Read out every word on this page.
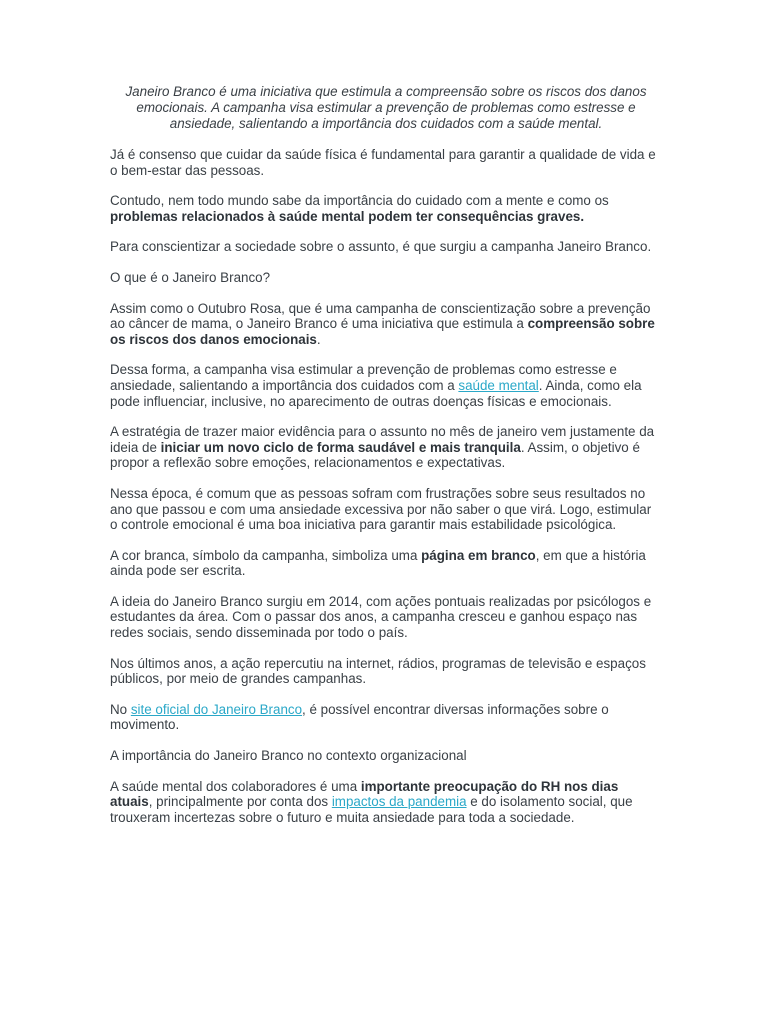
Janeiro Branco é uma iniciativa que estimula a compreensão sobre os riscos dos danos emocionais. A campanha visa estimular a prevenção de problemas como estresse e ansiedade, salientando a importância dos cuidados com a saúde mental.

Já é consenso que cuidar da saúde física é fundamental para garantir a qualidade de vida e o bem-estar das pessoas.

Contudo, nem todo mundo sabe da importância do cuidado com a mente e como os problemas relacionados à saúde mental podem ter consequências graves.

Para conscientizar a sociedade sobre o assunto, é que surgiu a campanha Janeiro Branco.

O que é o Janeiro Branco?

Assim como o Outubro Rosa, que é uma campanha de conscientização sobre a prevenção ao câncer de mama, o Janeiro Branco é uma iniciativa que estimula a compreensão sobre os riscos dos danos emocionais.

Dessa forma, a campanha visa estimular a prevenção de problemas como estresse e ansiedade, salientando a importância dos cuidados com a saúde mental. Ainda, como ela pode influenciar, inclusive, no aparecimento de outras doenças físicas e emocionais.

A estratégia de trazer maior evidência para o assunto no mês de janeiro vem justamente da ideia de iniciar um novo ciclo de forma saudável e mais tranquila. Assim, o objetivo é propor a reflexão sobre emoções, relacionamentos e expectativas.

Nessa época, é comum que as pessoas sofram com frustrações sobre seus resultados no ano que passou e com uma ansiedade excessiva por não saber o que virá. Logo, estimular o controle emocional é uma boa iniciativa para garantir mais estabilidade psicológica.

A cor branca, símbolo da campanha, simboliza uma página em branco, em que a história ainda pode ser escrita.

A ideia do Janeiro Branco surgiu em 2014, com ações pontuais realizadas por psicólogos e estudantes da área. Com o passar dos anos, a campanha cresceu e ganhou espaço nas redes sociais, sendo disseminada por todo o país.

Nos últimos anos, a ação repercutiu na internet, rádios, programas de televisão e espaços públicos, por meio de grandes campanhas.

No site oficial do Janeiro Branco, é possível encontrar diversas informações sobre o movimento.

A importância do Janeiro Branco no contexto organizacional

A saúde mental dos colaboradores é uma importante preocupação do RH nos dias atuais, principalmente por conta dos impactos da pandemia e do isolamento social, que trouxeram incertezas sobre o futuro e muita ansiedade para toda a sociedade.
